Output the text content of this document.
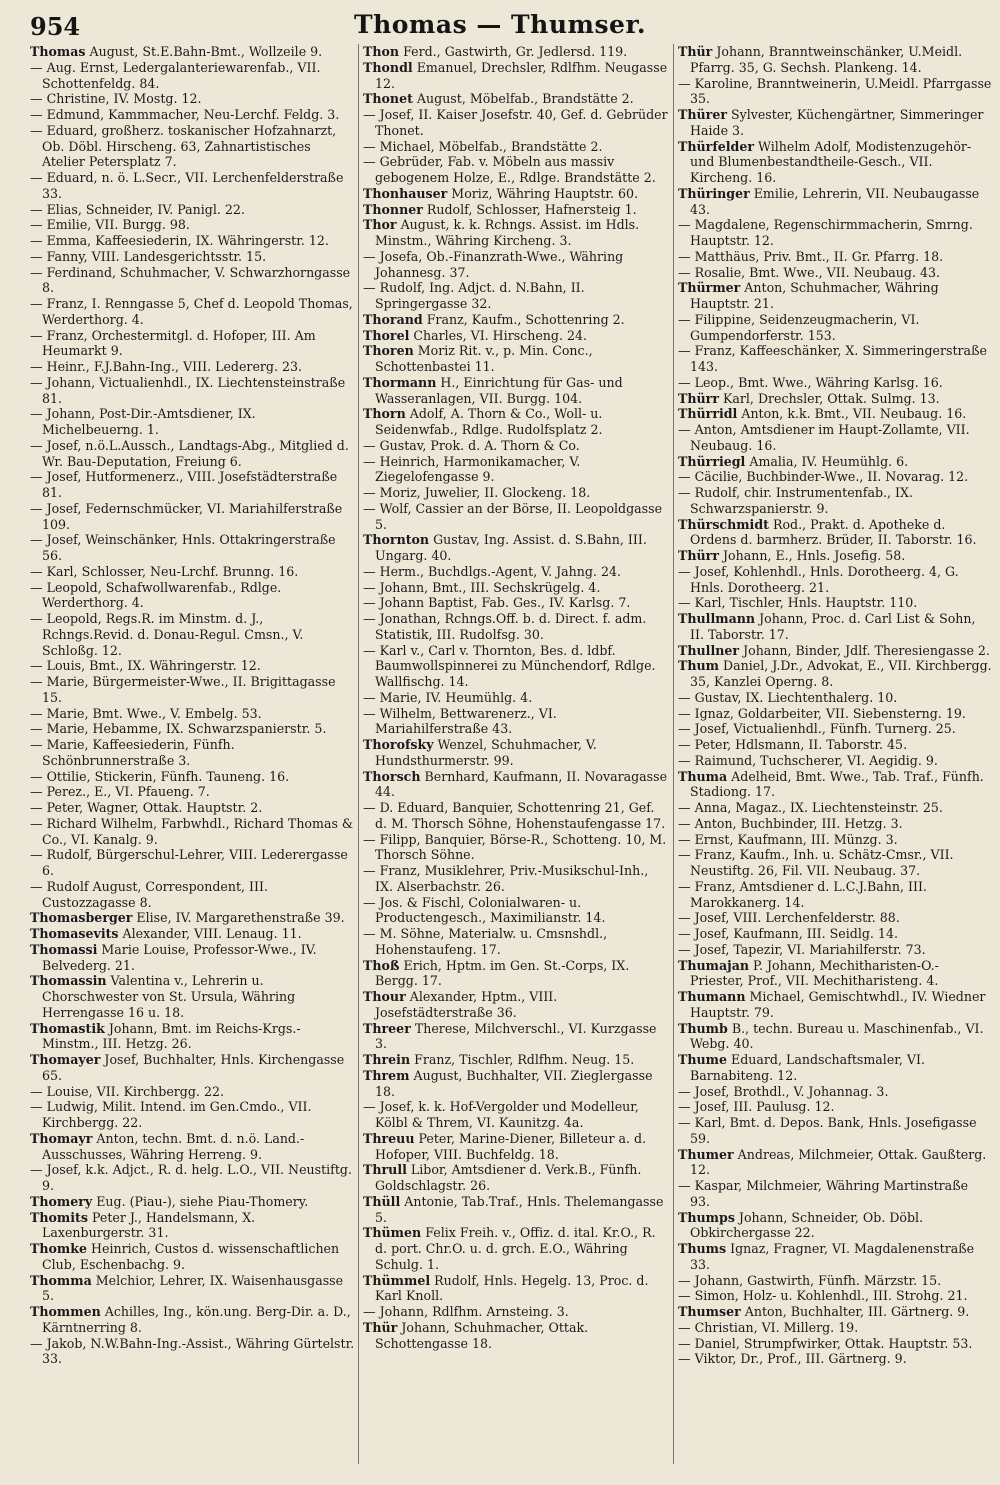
954	Thomas — Thumser.

Thomas August, St.E.Bahn-Bmt., Wollzeile 9.

— Aug. Ernst, Ledergalanteriewarenfab., VII. Schottenfeldg. 84.

— Christine, IV. Mostg. 12.

— Edmund, Kammmacher, Neu-Lerchf. Feldg. 3.

— Eduard, großherz. toskanischer Hofzahnarzt, Ob. Döbl. Hirscheng. 63, Zahnartistisches Atelier Petersplatz 7.

— Eduard, n. ö. L.Secr., VII. Lerchenfelderstraße 33.

— Elias, Schneider, IV. Panigl. 22.

— Emilie, VII. Burgg. 98.

— Emma, Kaffeesiederin, IX. Währingerstr. 12.

— Fanny, VIII. Landesgerichtsstr. 15.

— Ferdinand, Schuhmacher, V. Schwarzhorngasse 8.

— Franz, I. Renngasse 5, Chef d. Leopold Thomas, Werderthorg. 4.

— Franz, Orchestermitgl. d. Hofoper, III. Am Heumarkt 9.

— Heinr., F.J.Bahn-Ing., VIII. Ledererg. 23.

— Johann, Victualienhdl., IX. Liechtensteinstraße 81.

— Johann, Post-Dir.-Amtsdiener, IX. Michelbeuerng. 1.

— Josef, n.ö.L.Aussch., Landtags-Abg., Mitglied d. Wr. Bau-Deputation, Freiung 6.

— Josef, Hutformenerz., VIII. Josefstädterstraße 81.

— Josef, Federnschmücker, VI. Mariahilferstraße 109.

— Josef, Weinschänker, Hnls. Ottakringerstraße 56.

— Karl, Schlosser, Neu-Lrchf. Brunng. 16.

— Leopold, Schafwollwarenfab., Rdlge. Werderthorg. 4.

— Leopold, Regs.R. im Minstm. d. J., Rchngs.Revid. d. Donau-Regul. Cmsn., V. Schloßg. 12.

— Louis, Bmt., IX. Währingerstr. 12.

— Marie, Bürgermeister-Wwe., II. Brigittagasse 15.

— Marie, Bmt. Wwe., V. Embelg. 53.

— Marie, Hebamme, IX. Schwarzspanierstr. 5.

— Marie, Kaffeesiederin, Fünfh. Schönbrunnerstraße 3.

— Ottilie, Stickerin, Fünfh. Tauneng. 16.

— Perez., E., VI. Pfaueng. 7.

— Peter, Wagner, Ottak. Hauptstr. 2.

— Richard Wilhelm, Farbwhdl., Richard Thomas & Co., VI. Kanalg. 9.

— Rudolf, Bürgerschul-Lehrer, VIII. Lederergasse 6.

— Rudolf August, Correspondent, III. Custozzagasse 8.

Thomasberger Elise, IV. Margarethenstraße 39.

Thomasevits Alexander, VIII. Lenaug. 11.

Thomassi Marie Louise, Professor-Wwe., IV. Belvederg. 21.

Thomassin Valentina v., Lehrerin u. Chorschwester von St. Ursula, Währing Herrengasse 16 u. 18.

Thomastik Johann, Bmt. im Reichs-Krgs.-Minstm., III. Hetzg. 26.

Thomayer Josef, Buchhalter, Hnls. Kirchengasse 65.

— Louise, VII. Kirchbergg. 22.

— Ludwig, Milit. Intend. im Gen.Cmdo., VII. Kirchbergg. 22.

Thomayr Anton, techn. Bmt. d. n.ö. Land.-Ausschusses, Währing Herreng. 9.

— Josef, k.k. Adjct., R. d. helg. L.O., VII. Neustiftg. 9.

Thomery Eug. (Piau-), siehe Piau-Thomery.

Thomits Peter J., Handelsmann, X. Laxenburgerstr. 31.

Thomke Heinrich, Custos d. wissenschaftlichen Club, Eschenbachg. 9.

Thomma Melchior, Lehrer, IX. Waisenhausgasse 5.

Thommen Achilles, Ing., kön.ung. Berg-Dir. a. D., Kärntnerring 8.

— Jakob, N.W.Bahn-Ing.-Assist., Währing Gürtelstr. 33.

Thon Ferd., Gastwirth, Gr. Jedlersd. 119.

Thondl Emanuel, Drechsler, Rdlfhm. Neugasse 12.

Thonet August, Möbelfab., Brandstätte 2.

— Josef, II. Kaiser Josefstr. 40, Gef. d. Gebrüder Thonet.

— Michael, Möbelfab., Brandstätte 2.

— Gebrüder, Fab. v. Möbeln aus massiv gebogenem Holze, E., Rdlge. Brandstätte 2.

Thonhauser Moriz, Währing Hauptstr. 60.

Thonner Rudolf, Schlosser, Hafnersteig 1.

Thor August, k. k. Rchngs. Assist. im Hdls. Minstm., Währing Kircheng. 3.

— Josefa, Ob.-Finanzrath-Wwe., Währing Johannesg. 37.

— Rudolf, Ing. Adjct. d. N.Bahn, II. Springergasse 32.

Thorand Franz, Kaufm., Schottenring 2.

Thorel Charles, VI. Hirscheng. 24.

Thoren Moriz Rit. v., p. Min. Conc., Schottenbastei 11.

Thormann H., Einrichtung für Gas- und Wasseranlagen, VII. Burgg. 104.

Thorn Adolf, A. Thorn & Co., Woll- u. Seidenwfab., Rdlge. Rudolfsplatz 2.

— Gustav, Prok. d. A. Thorn & Co.

— Heinrich, Harmonikamacher, V. Ziegelofengasse 9.

— Moriz, Juwelier, II. Glockeng. 18.

— Wolf, Cassier an der Börse, II. Leopoldgasse 5.

Thornton Gustav, Ing. Assist. d. S.Bahn, III. Ungarg. 40.

— Herm., Buchdlgs.-Agent, V. Jahng. 24.

— Johann, Bmt., III. Sechskrügelg. 4.

— Johann Baptist, Fab. Ges., IV. Karlsg. 7.

— Jonathan, Rchngs.Off. b. d. Direct. f. adm. Statistik, III. Rudolfsg. 30.

— Karl v., Carl v. Thornton, Bes. d. ldbf. Baumwollspinnerei zu Münchendorf, Rdlge. Wallfischg. 14.

— Marie, IV. Heumühlg. 4.

— Wilhelm, Bettwarenerz., VI. Mariahilferstraße 43.

Thorofsky Wenzel, Schuhmacher, V. Hundsthurmerstr. 99.

Thorsch Bernhard, Kaufmann, II. Novaragasse 44.

— D. Eduard, Banquier, Schottenring 21, Gef. d. M. Thorsch Söhne, Hohenstaufengasse 17.

— Filipp, Banquier, Börse-R., Schotteng. 10, M. Thorsch Söhne.

— Franz, Musiklehrer, Priv.-Musikschul-Inh., IX. Alserbachstr. 26.

— Jos. & Fischl, Colonialwaren- u. Productengesch., Maximilianstr. 14.

— M. Söhne, Materialw. u. Cmsnshdl., Hohenstaufeng. 17.

Thoß Erich, Hptm. im Gen. St.-Corps, IX. Bergg. 17.

Thour Alexander, Hptm., VIII. Josefstädterstraße 36.

Threer Therese, Milchverschl., VI. Kurzgasse 3.

Threin Franz, Tischler, Rdlfhm. Neug. 15.

Threm August, Buchhalter, VII. Zieglergasse 18.

— Josef, k. k. Hof-Vergolder und Modelleur, Kölbl & Threm, VI. Kaunitzg. 4a.

Threuu Peter, Marine-Diener, Billeteur a. d. Hofoper, VIII. Buchfeldg. 18.

Thrull Libor, Amtsdiener d. Verk.B., Fünfh. Goldschlagstr. 26.

Thüll Antonie, Tab.Traf., Hnls. Thelemangasse 5.

Thümen Felix Freih. v., Offiz. d. ital. Kr.O., R. d. port. Chr.O. u. d. grch. E.O., Währing Schulg. 1.

Thümmel Rudolf, Hnls. Hegelg. 13, Proc. d. Karl Knoll.

— Johann, Rdlfhm. Arnsteing. 3.

Thür Johann, Schuhmacher, Ottak. Schottengasse 18.

Thür Johann, Branntweinschänker, U.Meidl. Pfarrg. 35, G. Sechsh. Plankeng. 14.

— Karoline, Branntweinerin, U.Meidl. Pfarrgasse 35.

Thürer Sylvester, Küchengärtner, Simmeringer Haide 3.

Thürfelder Wilhelm Adolf, Modistenzugehör- und Blumenbestandtheile-Gesch., VII. Kircheng. 16.

Thüringer Emilie, Lehrerin, VII. Neubaugasse 43.

— Magdalene, Regenschirmmacherin, Smrng. Hauptstr. 12.

— Matthäus, Priv. Bmt., II. Gr. Pfarrg. 18.

— Rosalie, Bmt. Wwe., VII. Neubaug. 43.

Thürmer Anton, Schuhmacher, Währing Hauptstr. 21.

— Filippine, Seidenzeugmacherin, VI. Gumpendorferstr. 153.

— Franz, Kaffeeschänker, X. Simmeringerstraße 143.

— Leop., Bmt. Wwe., Währing Karlsg. 16.

Thürr Karl, Drechsler, Ottak. Sulmg. 13.

Thürridl Anton, k.k. Bmt., VII. Neubaug. 16.

— Anton, Amtsdiener im Haupt-Zollamte, VII. Neubaug. 16.

Thürriegl Amalia, IV. Heumühlg. 6.

— Cäcilie, Buchbinder-Wwe., II. Novarag. 12.

— Rudolf, chir. Instrumentenfab., IX. Schwarzspanierstr. 9.

Thürschmidt Rod., Prakt. d. Apotheke d. Ordens d. barmherz. Brüder, II. Taborstr. 16.

Thürr Johann, E., Hnls. Josefig. 58.

— Josef, Kohlenhdl., Hnls. Dorotheerg. 4, G. Hnls. Dorotheerg. 21.

— Karl, Tischler, Hnls. Hauptstr. 110.

Thullmann Johann, Proc. d. Carl List & Sohn, II. Taborstr. 17.

Thullner Johann, Binder, Jdlf. Theresiengasse 2.

Thum Daniel, J.Dr., Advokat, E., VII. Kirchbergg. 35, Kanzlei Operng. 8.

— Gustav, IX. Liechtenthalerg. 10.

— Ignaz, Goldarbeiter, VII. Siebensterng. 19.

— Josef, Victualienhdl., Fünfh. Turnerg. 25.

— Peter, Hdlsmann, II. Taborstr. 45.

— Raimund, Tuchscherer, VI. Aegidig. 9.

Thuma Adelheid, Bmt. Wwe., Tab. Traf., Fünfh. Stadiong. 17.

— Anna, Magaz., IX. Liechtensteinstr. 25.

— Anton, Buchbinder, III. Hetzg. 3.

— Ernst, Kaufmann, III. Münzg. 3.

— Franz, Kaufm., Inh. u. Schätz-Cmsr., VII. Neustiftg. 26, Fil. VII. Neubaug. 37.

— Franz, Amtsdiener d. L.C.J.Bahn, III. Marokkanerg. 14.

— Josef, VIII. Lerchenfelderstr. 88.

— Josef, Kaufmann, III. Seidlg. 14.

— Josef, Tapezir, VI. Mariahilferstr. 73.

Thumajan P. Johann, Mechitharisten-O.-Priester, Prof., VII. Mechitharisteng. 4.

Thumann Michael, Gemischtwhdl., IV. Wiedner Hauptstr. 79.

Thumb B., techn. Bureau u. Maschinenfab., VI. Webg. 40.

Thume Eduard, Landschaftsmaler, VI. Barnabiteng. 12.

— Josef, Brothdl., V. Johannag. 3.

— Josef, III. Paulusg. 12.

— Karl, Bmt. d. Depos. Bank, Hnls. Josefigasse 59.

Thumer Andreas, Milchmeier, Ottak. Gaußterg. 12.

— Kaspar, Milchmeier, Währing Martinstraße 93.

Thumps Johann, Schneider, Ob. Döbl. Obkirchergasse 22.

Thums Ignaz, Fragner, VI. Magdalenenstraße 33.

— Johann, Gastwirth, Fünfh. Märzstr. 15.

— Simon, Holz- u. Kohlenhdl., III. Strohg. 21.

Thumser Anton, Buchhalter, III. Gärtnerg. 9.

— Christian, VI. Millerg. 19.

— Daniel, Strumpfwirker, Ottak. Hauptstr. 53.

— Viktor, Dr., Prof., III. Gärtnerg. 9.
